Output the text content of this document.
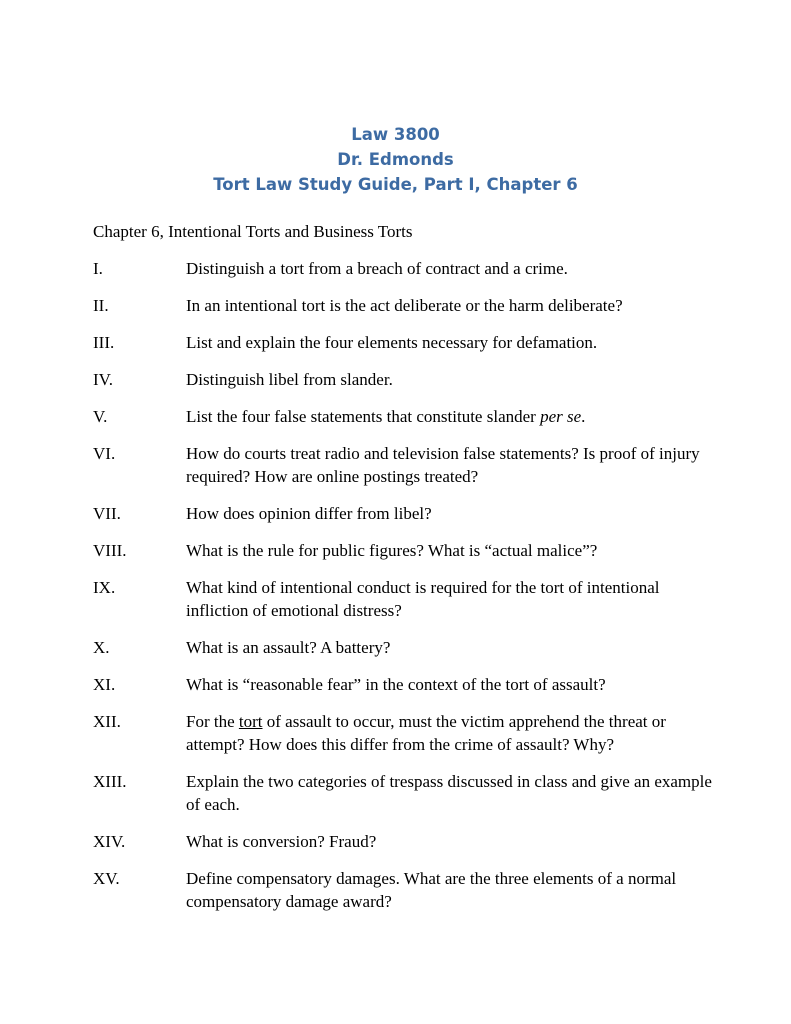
Law 3800
Dr. Edmonds
Tort Law Study Guide, Part I, Chapter 6
Chapter 6, Intentional Torts and Business Torts
I.	Distinguish a tort from a breach of contract and a crime.
II.	In an intentional tort is the act deliberate or the harm deliberate?
III.	List and explain the four elements necessary for defamation.
IV.	Distinguish libel from slander.
V.	List the four false statements that constitute slander per se.
VI.	How do courts treat radio and television false statements? Is proof of injury required? How are online postings treated?
VII.	How does opinion differ from libel?
VIII.	What is the rule for public figures? What is “actual malice”?
IX.	What kind of intentional conduct is required for the tort of intentional infliction of emotional distress?
X.	What is an assault? A battery?
XI.	What is “reasonable fear” in the context of the tort of assault?
XII.	For the tort of assault to occur, must the victim apprehend the threat or attempt? How does this differ from the crime of assault? Why?
XIII.	Explain the two categories of trespass discussed in class and give an example of each.
XIV.	What is conversion? Fraud?
XV.	Define compensatory damages. What are the three elements of a normal compensatory damage award?
